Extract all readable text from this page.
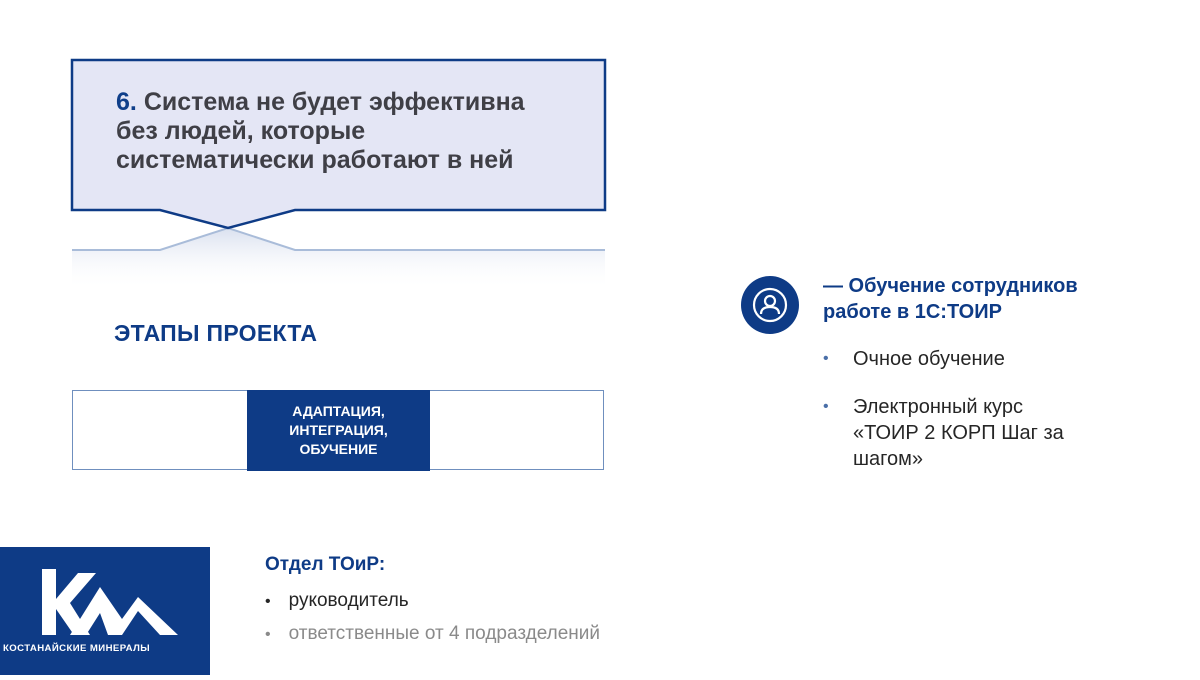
6. Система не будет эффективна
без людей, которые
систематически работают в ней
ЭТАПЫ ПРОЕКТА
АДАПТАЦИЯ,
ИНТЕГРАЦИЯ,
ОБУЧЕНИЕ
— Обучение сотрудников
работе в 1С:ТОИР
• Очное обучение
• Электронный курс «ТОИР 2 КОРП Шаг за шагом»
КОСТАНАЙСКИЕ МИНЕРАЛЫ
Отдел ТОиР:
• руководитель
• ответственные от 4 подразделений
